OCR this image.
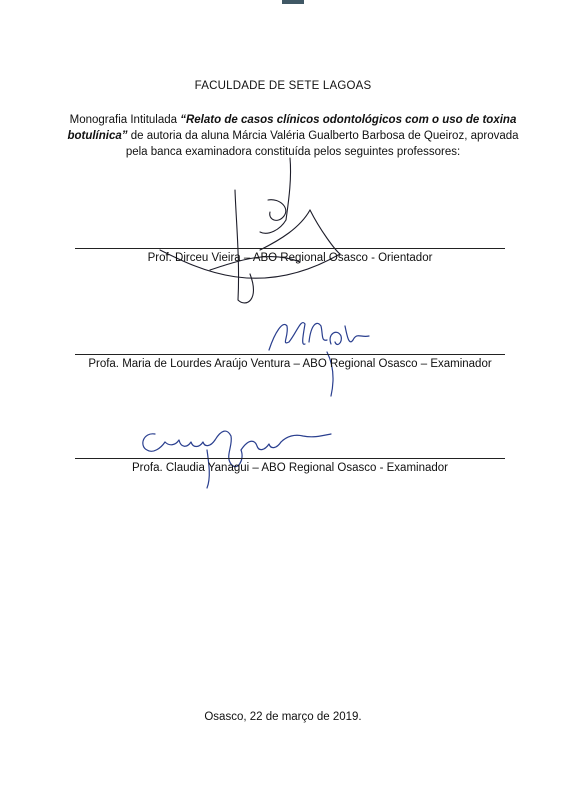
FACULDADE DE SETE LAGOAS
Monografia Intitulada “Relato de casos clínicos odontológicos com o uso de toxina botulínica” de autoria da aluna Márcia Valéria Gualberto Barbosa de Queiroz, aprovada pela banca examinadora constituída pelos seguintes professores:
Prof. Dirceu Vieira – ABO Regional Osasco - Orientador
Profa. Maria de Lourdes Araújo Ventura – ABO Regional Osasco – Examinador
Profa. Claudia Yanagui – ABO Regional Osasco - Examinador
Osasco, 22 de março de 2019.
